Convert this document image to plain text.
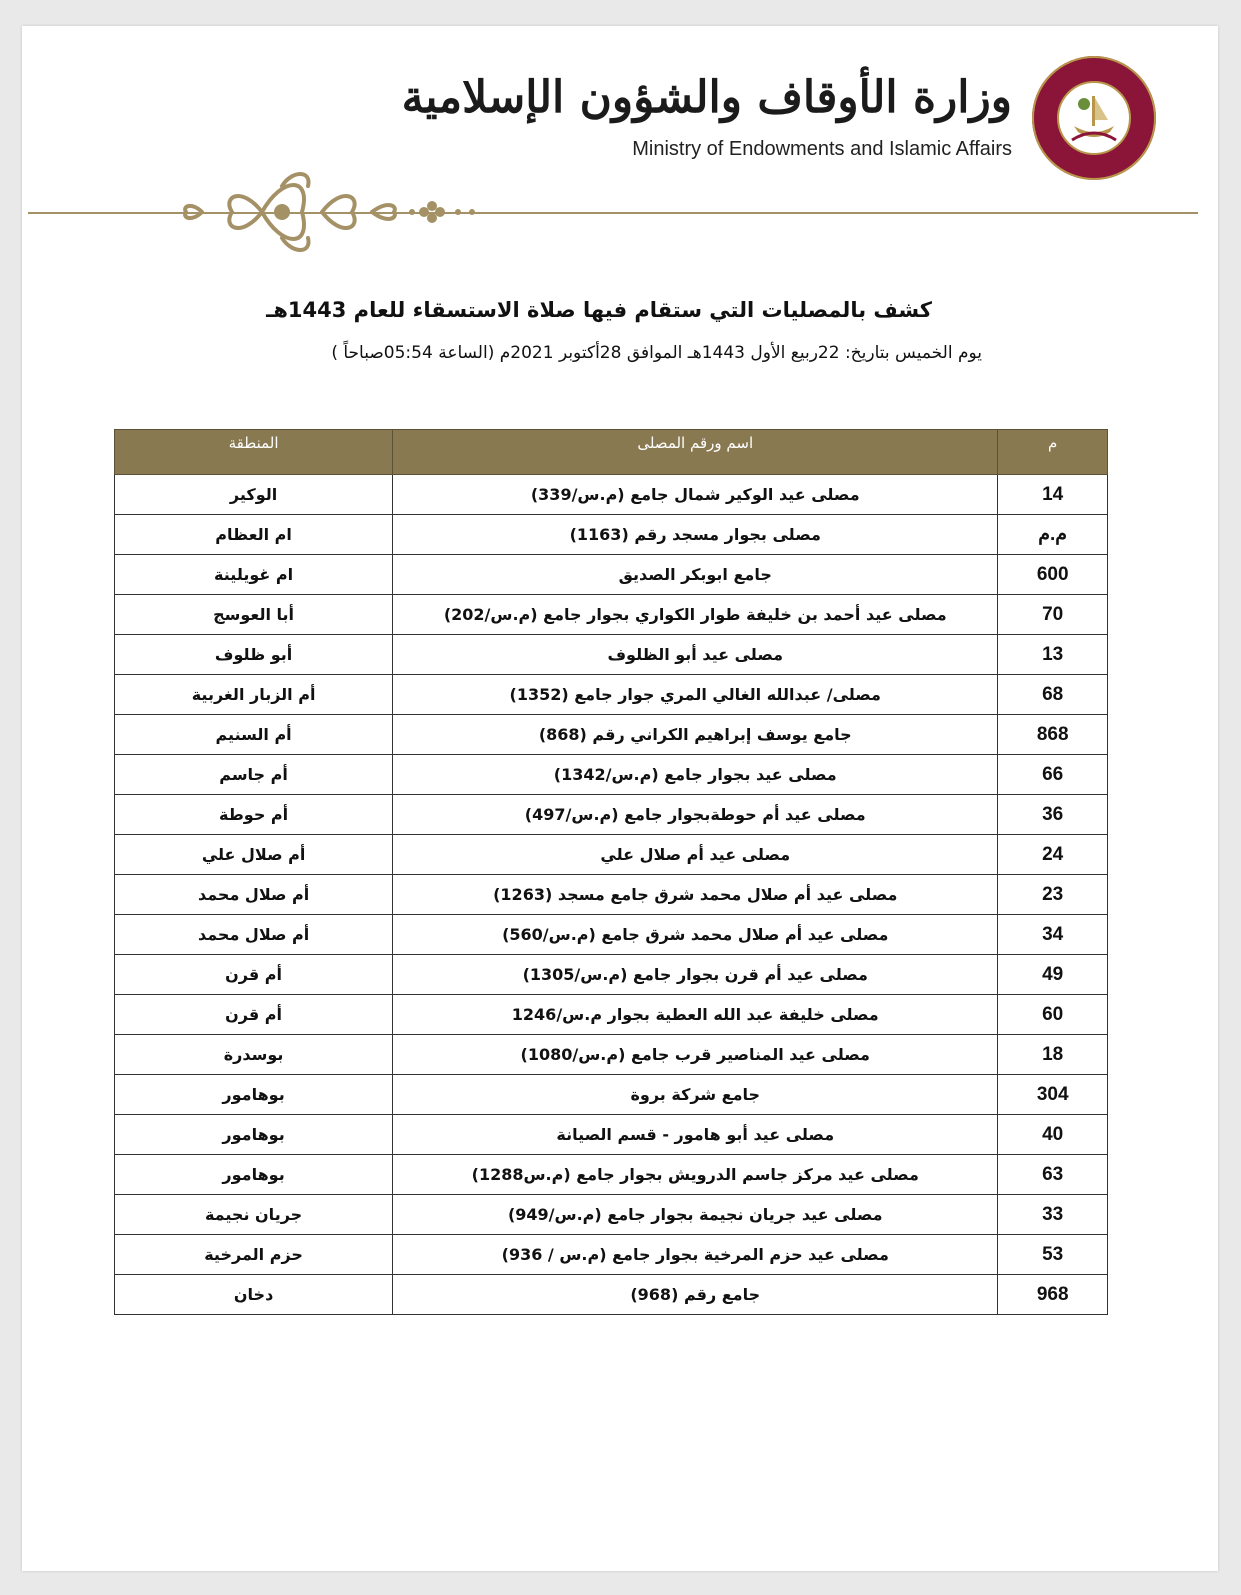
وزارة الأوقاف والشؤون الإسلامية
Ministry of Endowments and Islamic Affairs
كشف بالمصليات التي ستقام فيها صلاة الاستسقاء للعام 1443هـ
يوم الخميس بتاريخ: 22ربيع الأول 1443هـ الموافق 28أكتوبر 2021م (الساعة 05:54صباحاً )
م	اسم ورقم المصلى	المنطقة
14	مصلى عيد الوكير شمال جامع (م.س/339)	الوكير
م.م	مصلى بجوار مسجد رقم (1163)	ام العظام
600	جامع ابوبكر الصديق	ام غويلينة
70	مصلى عيد أحمد بن خليفة طوار الكواري بجوار جامع (م.س/202)	أبا العوسج
13	مصلى عيد أبو الظلوف	أبو ظلوف
68	مصلى/ عبدالله الغالي المري جوار جامع (1352)	أم الزبار الغربية
868	جامع يوسف إبراهيم الكراني رقم (868)	أم السنيم
66	مصلى عيد بجوار جامع (م.س/1342)	أم جاسم
36	مصلى عيد أم حوطةبجوار جامع (م.س/497)	أم حوطة
24	مصلى عيد أم صلال علي	أم صلال علي
23	مصلى عيد أم صلال محمد شرق جامع مسجد (1263)	أم صلال محمد
34	مصلى عيد أم صلال محمد شرق جامع (م.س/560)	أم صلال محمد
49	مصلى عيد أم قرن بجوار جامع (م.س/1305)	أم قرن
60	مصلى خليفة عبد الله العطية بجوار م.س/1246	أم قرن
18	مصلى عيد المناصير قرب جامع (م.س/1080)	بوسدرة
304	جامع شركة بروة	بوهامور
40	مصلى عيد أبو هامور - قسم الصيانة	بوهامور
63	مصلى عيد مركز جاسم الدرويش بجوار جامع (م.س1288)	بوهامور
33	مصلى عيد جريان نجيمة بجوار جامع (م.س/949)	جريان نجيمة
53	مصلى عيد حزم المرخية بجوار جامع (م.س / 936)	حزم المرخية
968	جامع رقم (968)	دخان
